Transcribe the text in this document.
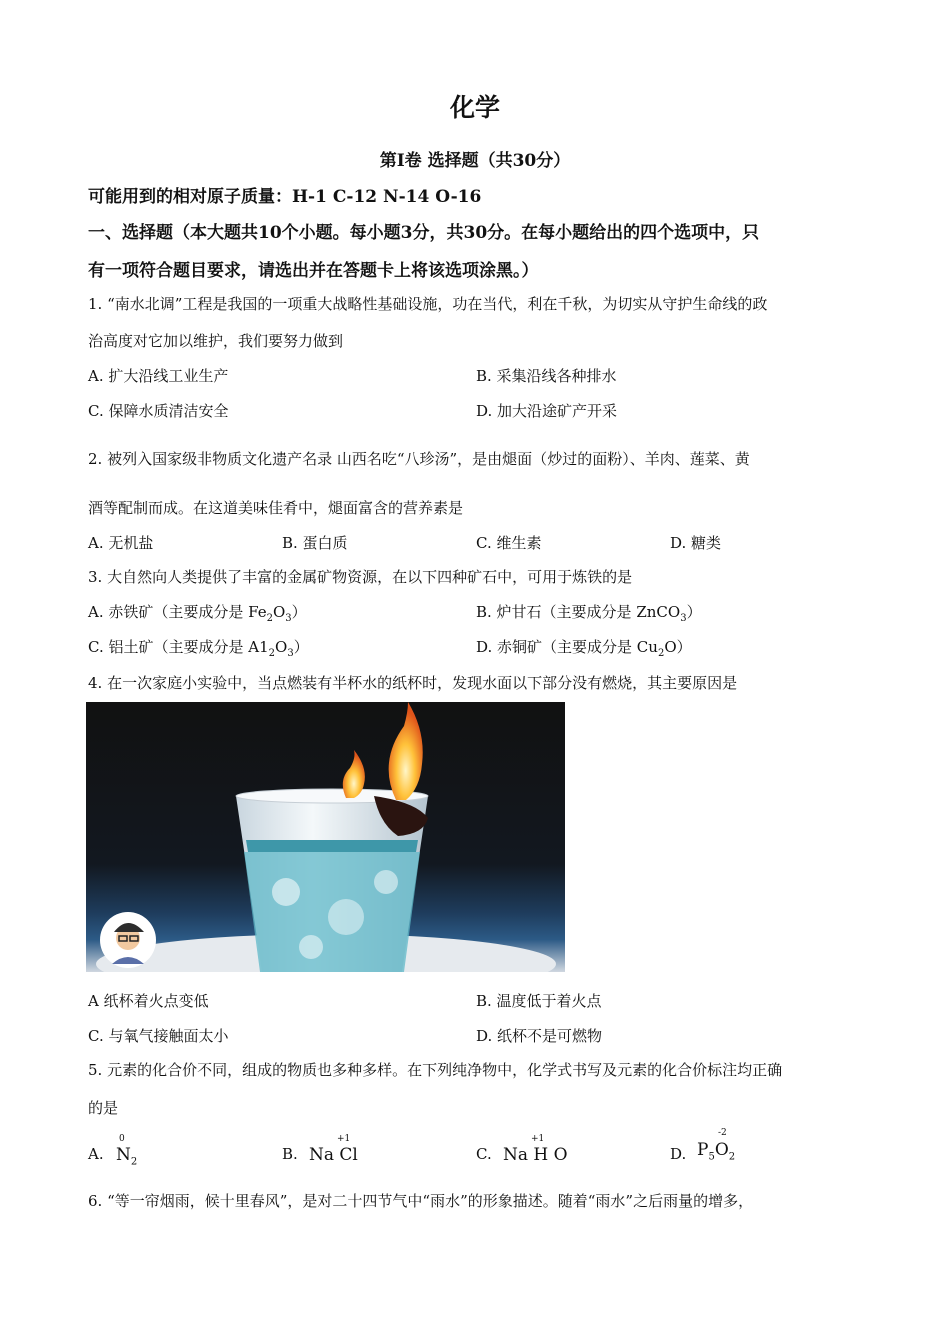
化学
第I卷 选择题（共30分）
可能用到的相对原子质量：H-1 C-12 N-14 O-16
一、选择题（本大题共10个小题。每小题3分，共30分。在每小题给出的四个选项中，只
有一项符合题目要求，请选出并在答题卡上将该选项涂黑。）
1. “南水北调”工程是我国的一项重大战略性基础设施，功在当代，利在千秋，为切实从守护生命线的政
治高度对它加以维护，我们要努力做到
A. 扩大沿线工业生产	B. 采集沿线各种排水
C. 保障水质清洁安全	D. 加大沿途矿产开采
2. 被列入国家级非物质文化遗产名录 山西名吃“八珍汤”，是由煺面（炒过的面粉）、羊肉、莲菜、黄
酒等配制而成。在这道美味佳肴中，煺面富含的营养素是
A. 无机盐	B. 蛋白质	C. 维生素	D. 糖类
3. 大自然向人类提供了丰富的金属矿物资源，在以下四种矿石中，可用于炼铁的是
A. 赤铁矿（主要成分是 $Fe_2O_3$）	B. 炉甘石（主要成分是 ZnCO$_3$）
C. 铝土矿（主要成分是 $A1_2O_3$）	D. 赤铜矿（主要成分是 $Cu_2O$）
4. 在一次家庭小实验中，当点燃装有半杯水的纸杯时，发现水面以下部分没有燃烧，其主要原因是
A 纸杯着火点变低	B. 温度低于着火点
C. 与氧气接触面太小	D. 纸杯不是可燃物
5. 元素的化合价不同，组成的物质也多种多样。在下列纯净物中，化学式书写及元素的化合价标注均正确
的是
A.
0
$N_2$	B.
+1
Na Cl	C.
+1
Na H O	D.
-2
$P_5O_2$
6. “等一帘烟雨，候十里春风”，是对二十四节气中“雨水”的形象描述。随着“雨水”之后雨量的增多，
